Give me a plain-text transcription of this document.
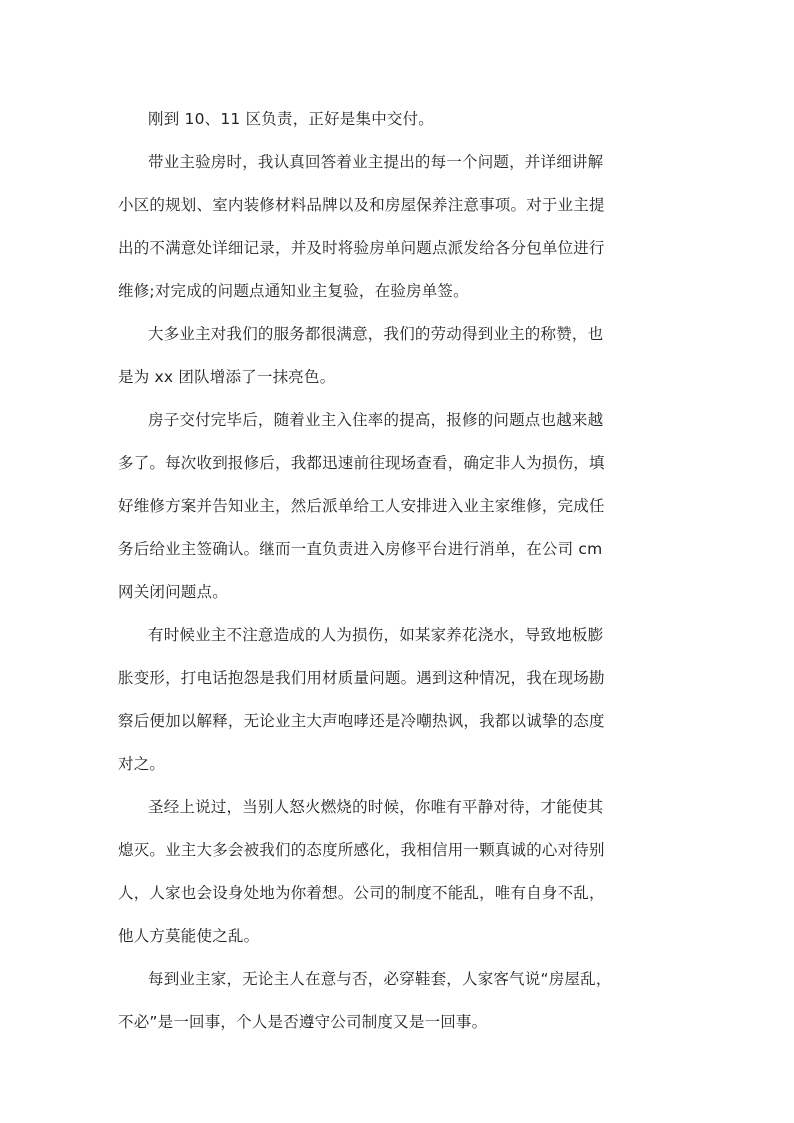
刚到 10、11 区负责，正好是集中交付。

带业主验房时，我认真回答着业主提出的每一个问题，并详细讲解
小区的规划、室内装修材料品牌以及和房屋保养注意事项。对于业主提
出的不满意处详细记录，并及时将验房单问题点派发给各分包单位进行
维修;对完成的问题点通知业主复验，在验房单签。

大多业主对我们的服务都很满意，我们的劳动得到业主的称赞，也
是为 xx 团队增添了一抹亮色。

房子交付完毕后，随着业主入住率的提高，报修的问题点也越来越
多了。每次收到报修后，我都迅速前往现场查看，确定非人为损伤，填
好维修方案并告知业主，然后派单给工人安排进入业主家维修，完成任
务后给业主签确认。继而一直负责进入房修平台进行消单，在公司 cm
网关闭问题点。

有时候业主不注意造成的人为损伤，如某家养花浇水，导致地板膨
胀变形，打电话抱怨是我们用材质量问题。遇到这种情况，我在现场勘
察后便加以解释，无论业主大声咆哮还是冷嘲热讽，我都以诚挚的态度
对之。

圣经上说过，当别人怒火燃烧的时候，你唯有平静对待，才能使其
熄灭。业主大多会被我们的态度所感化，我相信用一颗真诚的心对待别
人，人家也会设身处地为你着想。公司的制度不能乱，唯有自身不乱，
他人方莫能使之乱。

每到业主家，无论主人在意与否，必穿鞋套，人家客气说“房屋乱，
不必”是一回事，个人是否遵守公司制度又是一回事。
